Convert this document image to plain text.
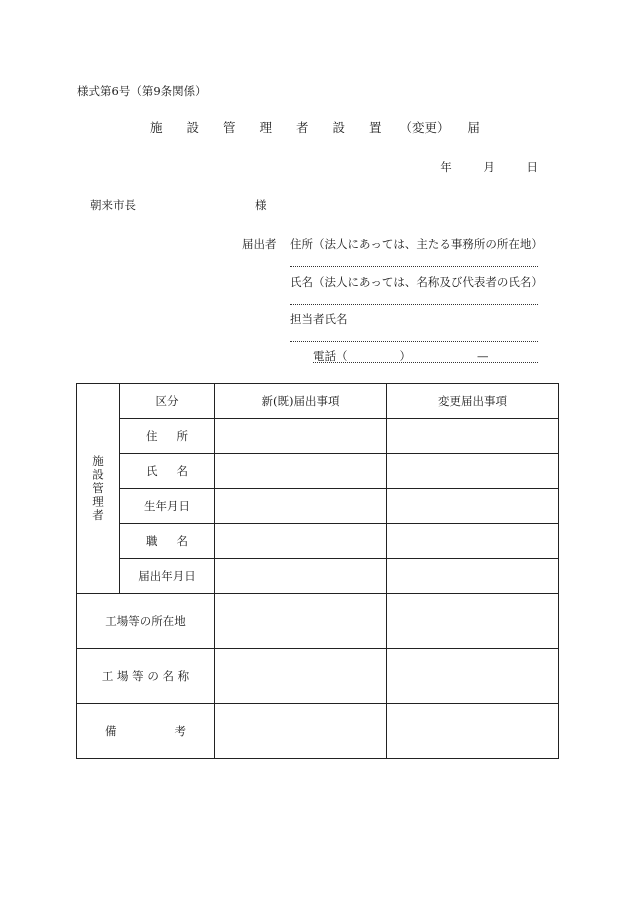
様式第6号（第9条関係）
施 設 管 理 者 設 置 （変更） 届
年	月	日
朝来市長	様
届出者 住所（法人にあっては、主たる事務所の所在地）
氏名（法人にあっては、名称及び代表者の氏名）
担当者氏名
電話（	）	—
施設管理者	区分	新(既)届出事項	変更届出事項

	住 所		

	氏 名		

	生年月日		

	職 名		

	届出年月日		
工場等の所在地			
工 場 等 の 名 称			

備 考			
